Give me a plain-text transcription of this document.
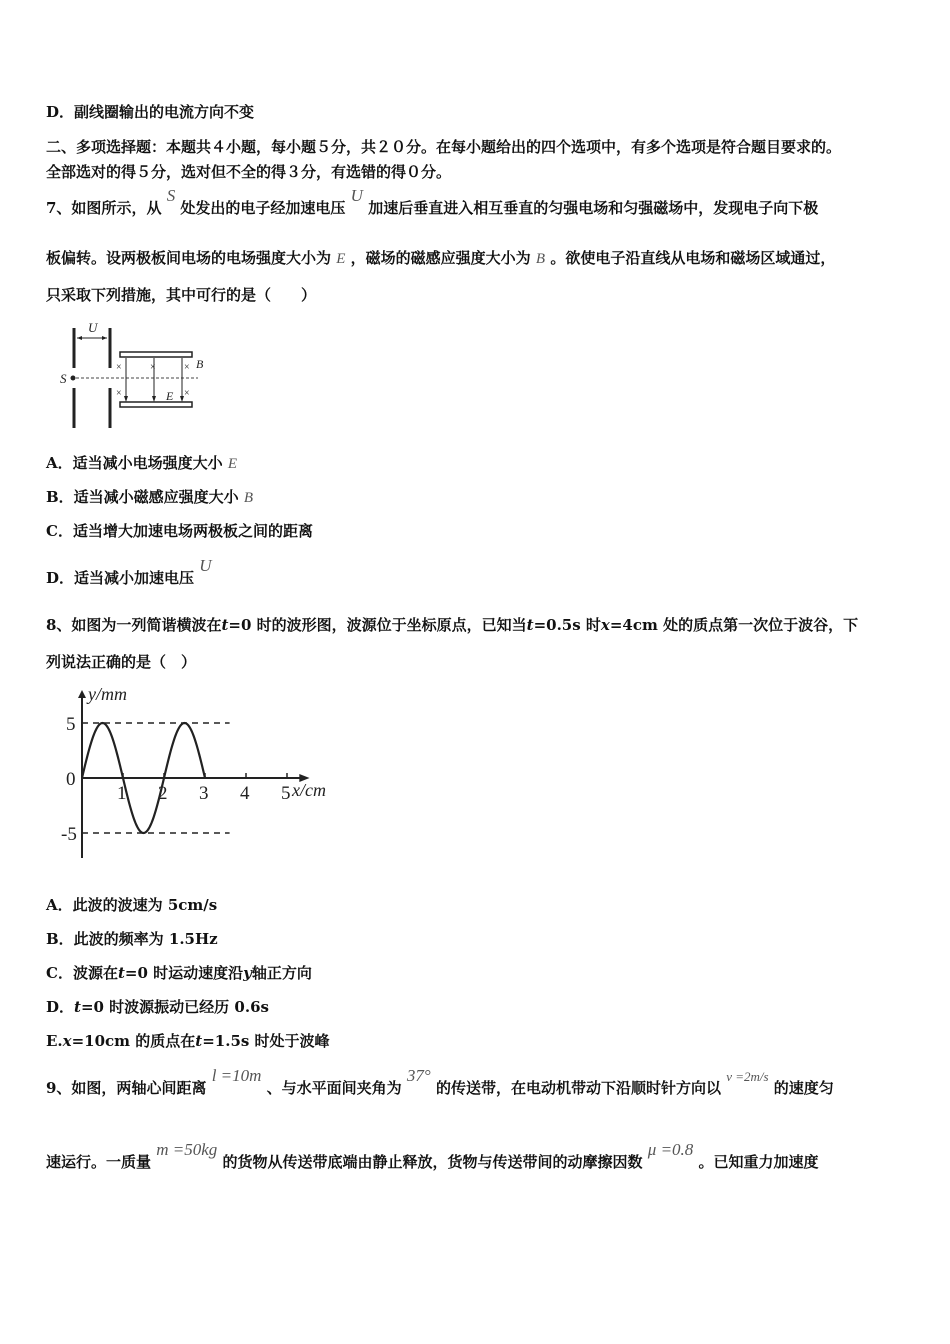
D．副线圈输出的电流方向不变
二、多项选择题：本题共４小题，每小题５分，共２０分。在每小题给出的四个选项中，有多个选项是符合题目要求的。
全部选对的得５分，选对但不全的得３分，有选错的得０分。
7、如图所示，从 S 处发出的电子经加速电压 U 加速后垂直进入相互垂直的匀强电场和匀强磁场中，发现电子向下极
板偏转。设两极板间电场的电场强度大小为 E ，磁场的磁感应强度大小为 B 。欲使电子沿直线从电场和磁场区域通过，
只采取下列措施，其中可行的是（　　）
U
S
×	×	×
×	×
B
E
A．适当减小电场强度大小 E
B．适当减小磁感应强度大小 B
C．适当增大加速电场两极板之间的距离
D．适当减小加速电压 U
8、如图为一列简谐横波在t=0 时的波形图，波源位于坐标原点，已知当t=0.5s 时x=4cm 处的质点第一次位于波谷，下
列说法正确的是（　）
y/mm
x/cm
1 2 3 4 5
5
0
-5
A．此波的波速为 5cm/s
B．此波的频率为 1.5Hz
C．波源在t=0 时运动速度沿y轴正方向
D．t=0 时波源振动已经历 0.6s
E.x=10cm 的质点在t=1.5s 时处于波峰
9、如图，两轴心间距离 l =10m 、与水平面间夹角为 37° 的传送带，在电动机带动下沿顺时针方向以 v =2m/s 的速度匀
速运行。一质量 m =50kg 的货物从传送带底端由静止释放，货物与传送带间的动摩擦因数 μ =0.8 。已知重力加速度
